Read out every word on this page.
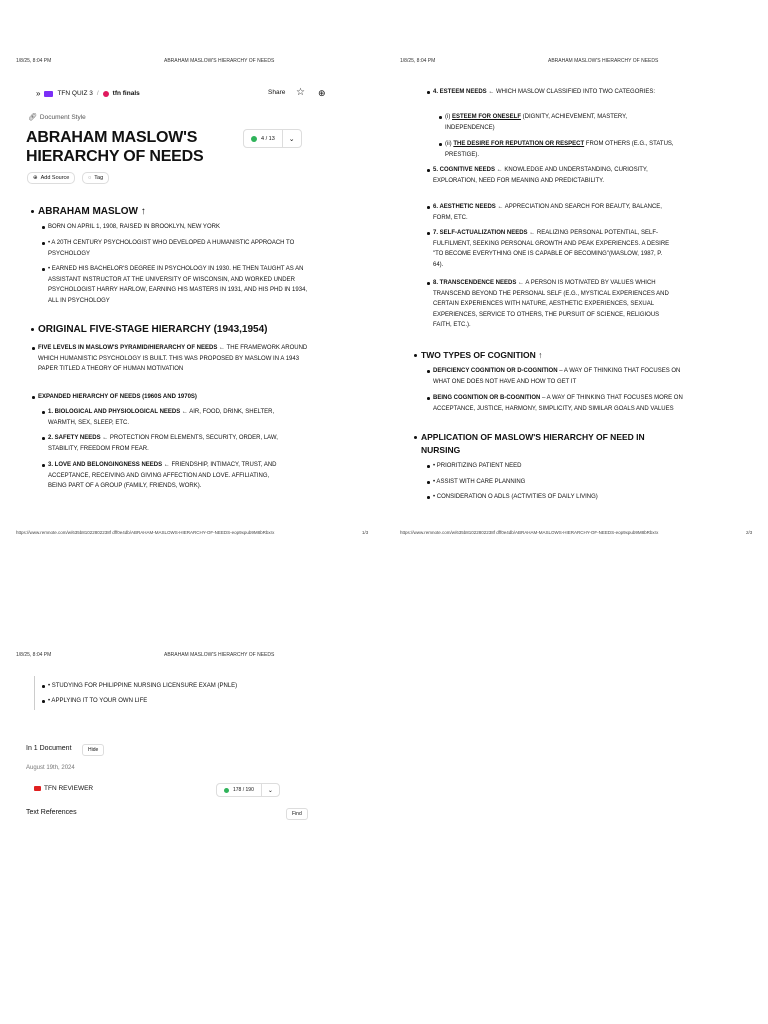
1/8/25, 8:04 PM	ABRAHAM MASLOW'S HIERARCHY OF NEEDS
»	TFN QUIZ 3 / tfn finals	Share ☆ ⊕
🔗︎ Document Style
ABRAHAM MASLOW'S
HIERARCHY OF NEEDS
4 / 13	⌄
⊕ Add Source	◌ Tag
ABRAHAM MASLOW ↑
BORN ON APRIL 1, 1908, RAISED IN BROOKLYN, NEW YORK
• A 20TH CENTURY PSYCHOLOGIST WHO DEVELOPED A HUMANISTIC APPROACH TO PSYCHOLOGY
• EARNED HIS BACHELOR'S DEGREE IN PSYCHOLOGY IN 1930. HE THEN TAUGHT AS AN ASSISTANT INSTRUCTOR AT THE UNIVERSITY OF WISCONSIN, AND WORKED UNDER PSYCHOLOGIST HARRY HARLOW, EARNING HIS MASTERS IN 1931, AND HIS PHD IN 1934, ALL IN PSYCHOLOGY
ORIGINAL FIVE-STAGE HIERARCHY (1943,1954)
FIVE LEVELS IN MASLOW'S PYRAMID/HIERARCHY OF NEEDS ← THE FRAMEWORK AROUND WHICH HUMANISTIC PSYCHOLOGY IS BUILT. THIS WAS PROPOSED BY MASLOW IN A 1943 PAPER TITLED A THEORY OF HUMAN MOTIVATION
EXPANDED HIERARCHY OF NEEDS (1960S AND 1970S)
1. BIOLOGICAL AND PHYSIOLOGICAL NEEDS ← AIR, FOOD, DRINK, SHELTER, WARMTH, SEX, SLEEP, ETC.
2. SAFETY NEEDS ← PROTECTION FROM ELEMENTS, SECURITY, ORDER, LAW, STABILITY, FREEDOM FROM FEAR.
3. LOVE AND BELONGINGNESS NEEDS ← FRIENDSHIP, INTIMACY, TRUST, AND ACCEPTANCE, RECEIVING AND GIVING AFFECTION AND LOVE. AFFILIATING, BEING PART OF A GROUP (FAMILY, FRIENDS, WORK).
https://www.remnote.com/w/635b81022802238f dff0e4db/ABRAHAM-MASLOWS-HIERARCHY-OF-NEEDS-eop9xpub9M8bRbxrx	1/3
1/8/25, 8:04 PM	ABRAHAM MASLOW'S HIERARCHY OF NEEDS
4. ESTEEM NEEDS ← WHICH MASLOW CLASSIFIED INTO TWO CATEGORIES:
(i) ESTEEM FOR ONESELF (DIGNITY, ACHIEVEMENT, MASTERY, INDEPENDENCE)
(ii) THE DESIRE FOR REPUTATION OR RESPECT FROM OTHERS (E.G., STATUS, PRESTIGE).
5. COGNITIVE NEEDS ← KNOWLEDGE AND UNDERSTANDING, CURIOSITY, EXPLORATION, NEED FOR MEANING AND PREDICTABILITY.
6. AESTHETIC NEEDS ← APPRECIATION AND SEARCH FOR BEAUTY, BALANCE, FORM, ETC.
7. SELF-ACTUALIZATION NEEDS ← REALIZING PERSONAL POTENTIAL, SELF-FULFILMENT, SEEKING PERSONAL GROWTH AND PEAK EXPERIENCES. A DESIRE "TO BECOME EVERYTHING ONE IS CAPABLE OF BECOMING"(MASLOW, 1987, P. 64).
8. TRANSCENDENCE NEEDS ← A PERSON IS MOTIVATED BY VALUES WHICH TRANSCEND BEYOND THE PERSONAL SELF (E.G., MYSTICAL EXPERIENCES AND CERTAIN EXPERIENCES WITH NATURE, AESTHETIC EXPERIENCES, SEXUAL EXPERIENCES, SERVICE TO OTHERS, THE PURSUIT OF SCIENCE, RELIGIOUS FAITH, ETC.).
TWO TYPES OF COGNITION ↑
DEFICIENCY COGNITION OR D-COGNITION – A WAY OF THINKING THAT FOCUSES ON WHAT ONE DOES NOT HAVE AND HOW TO GET IT
BEING COGNITION OR B-COGNITION – A WAY OF THINKING THAT FOCUSES MORE ON ACCEPTANCE, JUSTICE, HARMONY, SIMPLICITY, AND SIMILAR GOALS AND VALUES
APPLICATION OF MASLOW'S HIERARCHY OF NEED IN
NURSING
• PRIORITIZING PATIENT NEED
• ASSIST WITH CARE PLANNING
• CONSIDERATION O ADLS (ACTIVITIES OF DAILY LIVING)
https://www.remnote.com/w/635b81022802238f dff0e4db/ABRAHAM-MASLOWS-HIERARCHY-OF-NEEDS-eop9xpub9M8bRbxrx	2/3
1/8/25, 8:04 PM	ABRAHAM MASLOW'S HIERARCHY OF NEEDS
• STUDYING FOR PHILIPPINE NURSING LICENSURE EXAM (PNLE)
• APPLYING IT TO YOUR OWN LIFE
In 1 Document	Hide
August 19th, 2024
TFN REVIEWER	178 / 190	⌄
Text References	Find
